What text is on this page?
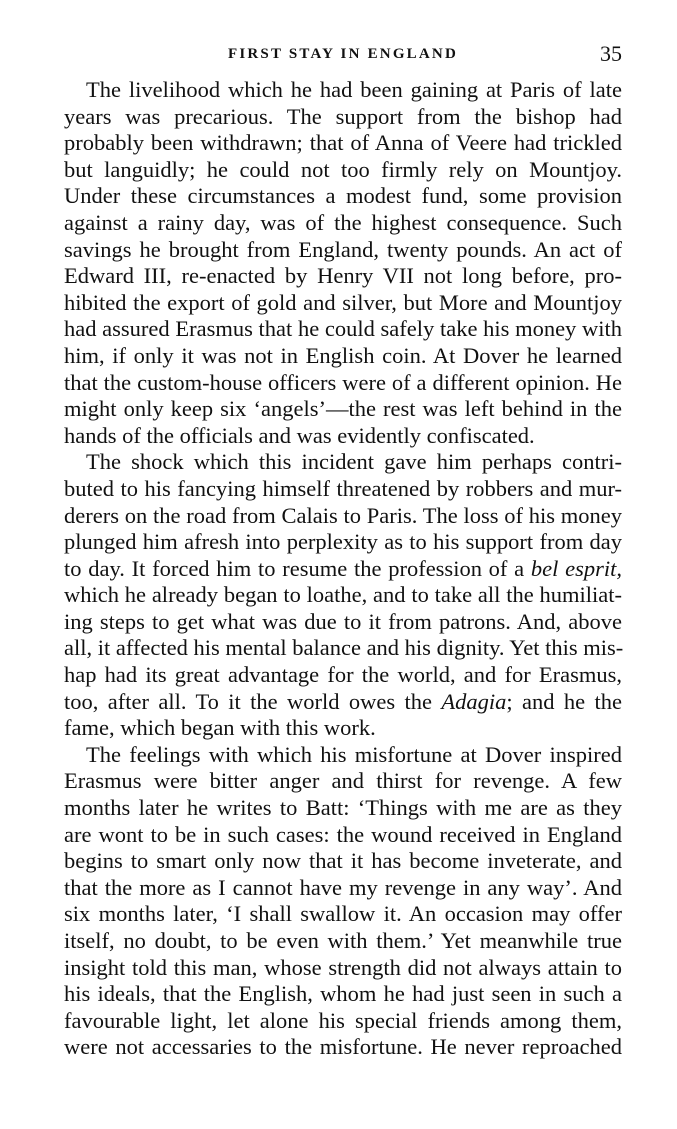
FIRST STAY IN ENGLAND	35
The livelihood which he had been gaining at Paris of late
years was precarious. The support from the bishop had
probably been withdrawn; that of Anna of Veere had trickled
but languidly; he could not too firmly rely on Mountjoy.
Under these circumstances a modest fund, some provision
against a rainy day, was of the highest consequence. Such
savings he brought from England, twenty pounds. An act of
Edward III, re-enacted by Henry VII not long before, pro-
hibited the export of gold and silver, but More and Mountjoy
had assured Erasmus that he could safely take his money with
him, if only it was not in English coin. At Dover he learned
that the custom-house officers were of a different opinion. He
might only keep six ‘angels’—the rest was left behind in the
hands of the officials and was evidently confiscated.
The shock which this incident gave him perhaps contri-
buted to his fancying himself threatened by robbers and mur-
derers on the road from Calais to Paris. The loss of his money
plunged him afresh into perplexity as to his support from day
to day. It forced him to resume the profession of a bel esprit,
which he already began to loathe, and to take all the humiliat-
ing steps to get what was due to it from patrons. And, above
all, it affected his mental balance and his dignity. Yet this mis-
hap had its great advantage for the world, and for Erasmus,
too, after all. To it the world owes the Adagia; and he the
fame, which began with this work.
The feelings with which his misfortune at Dover inspired
Erasmus were bitter anger and thirst for revenge. A few
months later he writes to Batt: ‘Things with me are as they
are wont to be in such cases: the wound received in England
begins to smart only now that it has become inveterate, and
that the more as I cannot have my revenge in any way’. And
six months later, ‘I shall swallow it. An occasion may offer
itself, no doubt, to be even with them.’ Yet meanwhile true
insight told this man, whose strength did not always attain to
his ideals, that the English, whom he had just seen in such a
favourable light, let alone his special friends among them,
were not accessaries to the misfortune. He never reproached
